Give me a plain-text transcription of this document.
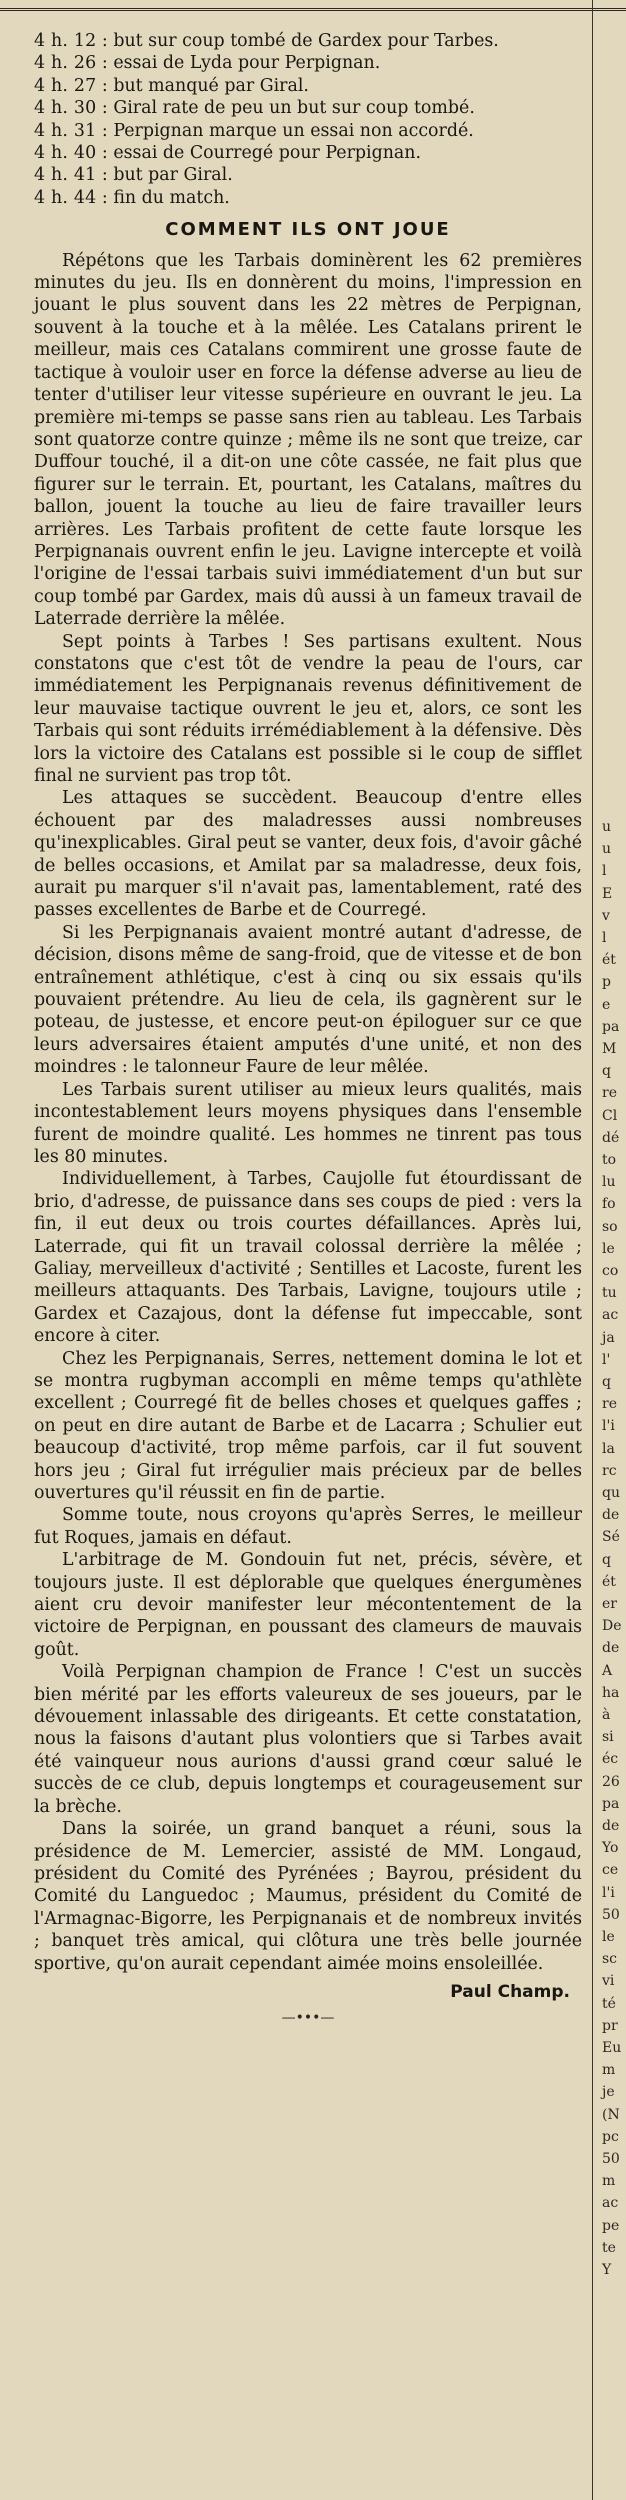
4 h. 12 : but sur coup tombé de Gardex pour Tarbes.
4 h. 26 : essai de Lyda pour Perpignan.
4 h. 27 : but manqué par Giral.
4 h. 30 : Giral rate de peu un but sur coup tombé.
4 h. 31 : Perpignan marque un essai non accordé.
4 h. 40 : essai de Courregé pour Perpignan.
4 h. 41 : but par Giral.
4 h. 44 : fin du match.
COMMENT ILS ONT JOUE

Répétons que les Tarbais dominèrent les 62 premières minutes du jeu. Ils en donnèrent du moins, l'impression en jouant le plus souvent dans les 22 mètres de Perpignan, souvent à la touche et à la mêlée. Les Catalans prirent le meilleur, mais ces Catalans commirent une grosse faute de tactique à vouloir user en force la défense adverse au lieu de tenter d'utiliser leur vitesse supérieure en ouvrant le jeu. La première mi-temps se passe sans rien au tableau. Les Tarbais sont quatorze contre quinze ; même ils ne sont que treize, car Duffour touché, il a dit-on une côte cassée, ne fait plus que figurer sur le terrain. Et, pourtant, les Catalans, maîtres du ballon, jouent la touche au lieu de faire travailler leurs arrières. Les Tarbais profitent de cette faute lorsque les Perpignanais ouvrent enfin le jeu. Lavigne intercepte et voilà l'origine de l'essai tarbais suivi immédiatement d'un but sur coup tombé par Gardex, mais dû aussi à un fameux travail de Laterrade derrière la mêlée.

Sept points à Tarbes ! Ses partisans exultent. Nous constatons que c'est tôt de vendre la peau de l'ours, car immédiatement les Perpignanais revenus définitivement de leur mauvaise tactique ouvrent le jeu et, alors, ce sont les Tarbais qui sont réduits irrémédiablement à la défensive. Dès lors la victoire des Catalans est possible si le coup de sifflet final ne survient pas trop tôt.

Les attaques se succèdent. Beaucoup d'entre elles échouent par des maladresses aussi nombreuses qu'inexplicables. Giral peut se vanter, deux fois, d'avoir gâché de belles occasions, et Amilat par sa maladresse, deux fois, aurait pu marquer s'il n'avait pas, lamentablement, raté des passes excellentes de Barbe et de Courregé.

Si les Perpignanais avaient montré autant d'adresse, de décision, disons même de sang-froid, que de vitesse et de bon entraînement athlétique, c'est à cinq ou six essais qu'ils pouvaient prétendre. Au lieu de cela, ils gagnèrent sur le poteau, de justesse, et encore peut-on épiloguer sur ce que leurs adversaires étaient amputés d'une unité, et non des moindres : le talonneur Faure de leur mêlée.

Les Tarbais surent utiliser au mieux leurs qualités, mais incontestablement leurs moyens physiques dans l'ensemble furent de moindre qualité. Les hommes ne tinrent pas tous les 80 minutes.

Individuellement, à Tarbes, Caujolle fut étourdissant de brio, d'adresse, de puissance dans ses coups de pied : vers la fin, il eut deux ou trois courtes défaillances. Après lui, Laterrade, qui fit un travail colossal derrière la mêlée ; Galiay, merveilleux d'activité ; Sentilles et Lacoste, furent les meilleurs attaquants. Des Tarbais, Lavigne, toujours utile ; Gardex et Cazajous, dont la défense fut impeccable, sont encore à citer.

Chez les Perpignanais, Serres, nettement domina le lot et se montra rugbyman accompli en même temps qu'athlète excellent ; Courregé fit de belles choses et quelques gaffes ; on peut en dire autant de Barbe et de Lacarra ; Schulier eut beaucoup d'activité, trop même parfois, car il fut souvent hors jeu ; Giral fut irrégulier mais précieux par de belles ouvertures qu'il réussit en fin de partie.

Somme toute, nous croyons qu'après Serres, le meilleur fut Roques, jamais en défaut.

L'arbitrage de M. Gondouin fut net, précis, sévère, et toujours juste. Il est déplorable que quelques énergumènes aient cru devoir manifester leur mécontentement de la victoire de Perpignan, en poussant des clameurs de mauvais goût.

Voilà Perpignan champion de France ! C'est un succès bien mérité par les efforts valeureux de ses joueurs, par le dévouement inlassable des dirigeants. Et cette constatation, nous la faisons d'autant plus volontiers que si Tarbes avait été vainqueur nous aurions d'aussi grand cœur salué le succès de ce club, depuis longtemps et courageusement sur la brèche.

Dans la soirée, un grand banquet a réuni, sous la présidence de M. Lemercier, assisté de MM. Longaud, président du Comité des Pyrénées ; Bayrou, président du Comité du Languedoc ; Maumus, président du Comité de l'Armagnac-Bigorre, les Perpignanais et de nombreux invités ; banquet très amical, qui clôtura une très belle journée sportive, qu'on aurait cependant aimée moins ensoleillée.

Paul Champ.
—•••—
u
u
l
E
v
l
ét
p
e
pa
M
q
re
Cl
dé
to
lu
fo
so
le
co
tu
ac
ja
l'
q
re
l'i
la
rc
qu
de
Sé
q
ét
er
De
de
A
ha
à
si
éc
26
pa
de
Yo
ce
l'i
50
le
sc
vi
té
pr
Eu
m
je
(N
pc
50
m
ac
pe
te
Y
